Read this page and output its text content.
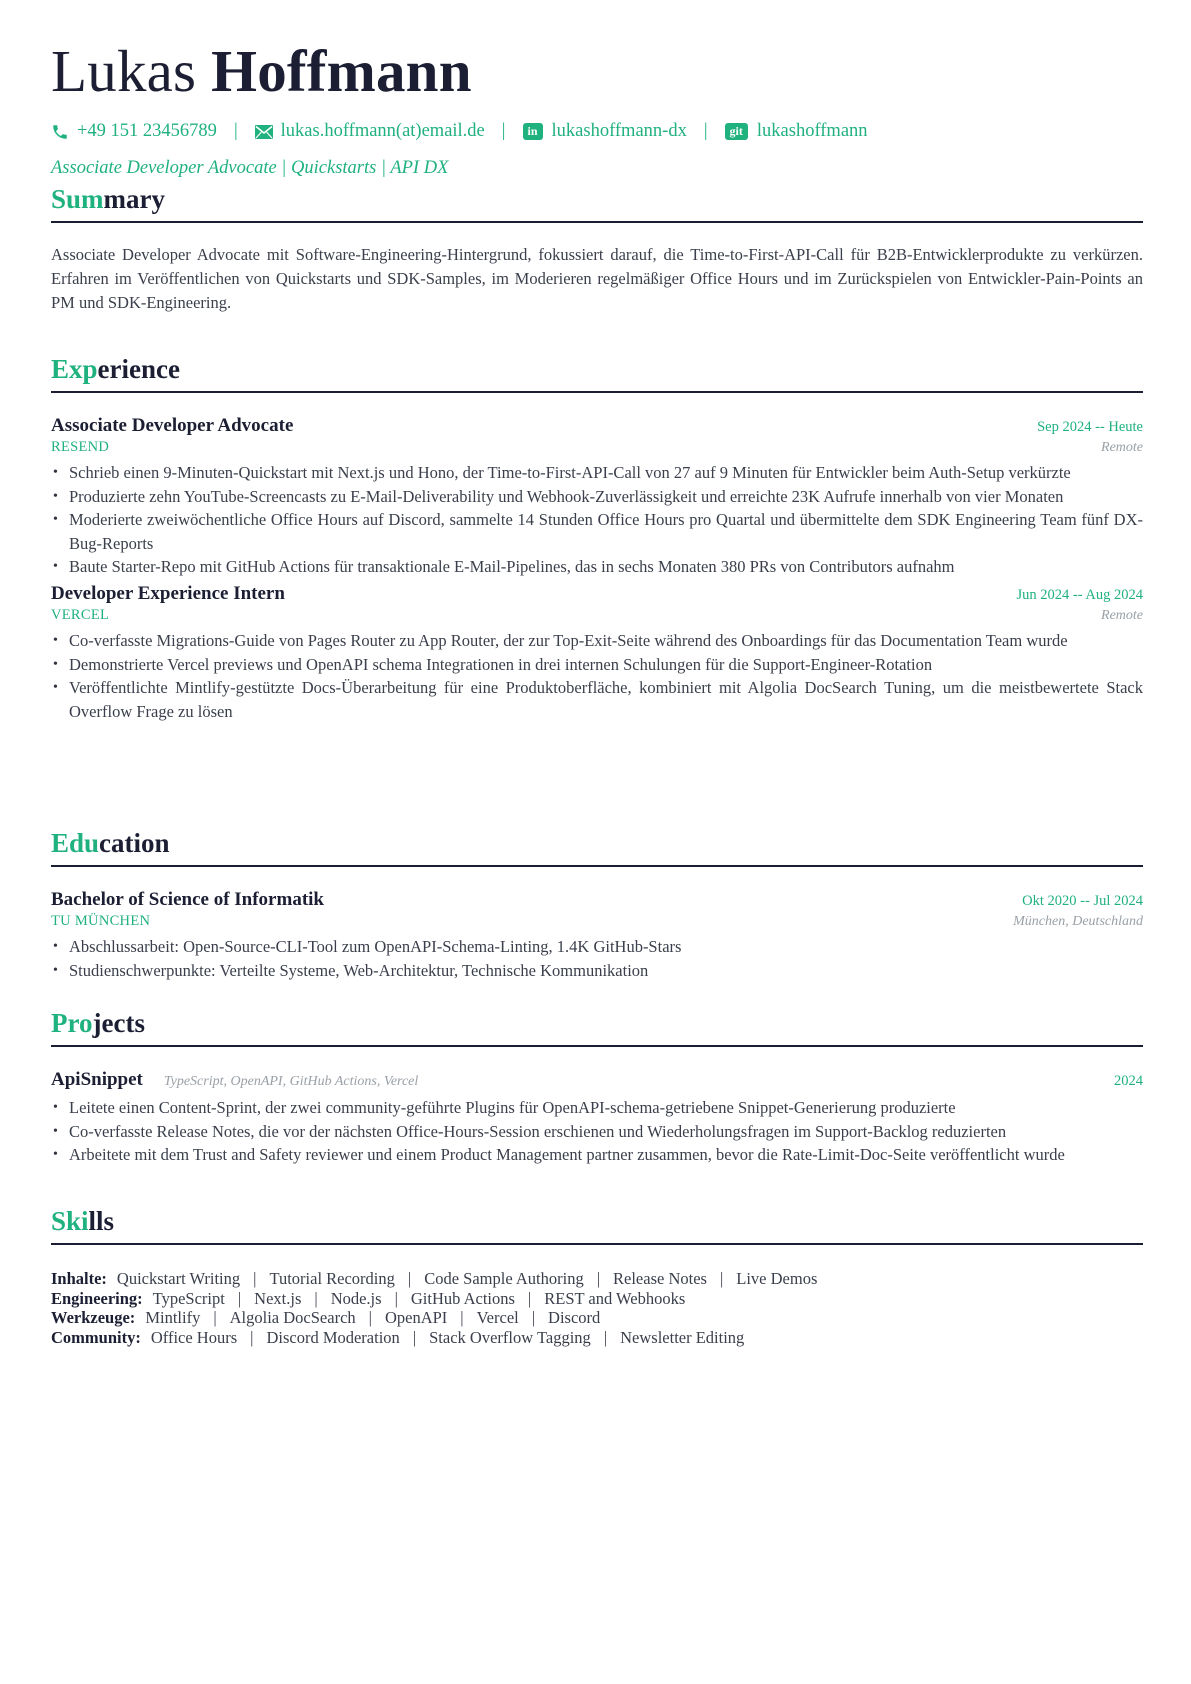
Lukas Hoffmann
+49 151 23456789 | lukas.hoffmann(at)email.de |	in lukashoffmann-dx |	git lukashoffmann
Associate Developer Advocate | Quickstarts | API DX
Summary
Associate Developer Advocate mit Software-Engineering-Hintergrund, fokussiert darauf, die Time-to-First-API-Call für B2B-Entwicklerprodukte zu verkürzen. Erfahren im Veröffentlichen von Quickstarts und SDK-Samples, im Moderieren regelmäßiger Office Hours und im Zurückspielen von Entwickler-Pain-Points an PM und SDK-Engineering.
Experience
Associate Developer Advocate	Sep 2024 -- Heute
RESEND	Remote
• Schrieb einen 9-Minuten-Quickstart mit Next.js und Hono, der Time-to-First-API-Call von 27 auf 9 Minuten für Entwickler beim Auth-Setup verkürzte
• Produzierte zehn YouTube-Screencasts zu E-Mail-Deliverability und Webhook-Zuverlässigkeit und erreichte 23K Aufrufe innerhalb von vier Monaten
• Moderierte zweiwöchentliche Office Hours auf Discord, sammelte 14 Stunden Office Hours pro Quartal und übermittelte dem SDK Engineering Team fünf DX-Bug-Reports
• Baute Starter-Repo mit GitHub Actions für transaktionale E-Mail-Pipelines, das in sechs Monaten 380 PRs von Contributors aufnahm
Developer Experience Intern	Jun 2024 -- Aug 2024
VERCEL	Remote
• Co-verfasste Migrations-Guide von Pages Router zu App Router, der zur Top-Exit-Seite während des Onboardings für das Documentation Team wurde
• Demonstrierte Vercel previews und OpenAPI schema Integrationen in drei internen Schulungen für die Support-Engineer-Rotation
• Veröffentlichte Mintlify-gestützte Docs-Überarbeitung für eine Produktoberfläche, kombiniert mit Algolia DocSearch Tuning, um die meistbewertete Stack Overflow Frage zu lösen
Education
Bachelor of Science of Informatik	Okt 2020 -- Jul 2024
TU MÜNCHEN	München, Deutschland
• Abschlussarbeit: Open-Source-CLI-Tool zum OpenAPI-Schema-Linting, 1.4K GitHub-Stars
• Studienschwerpunkte: Verteilte Systeme, Web-Architektur, Technische Kommunikation
Projects
ApiSnippet TypeScript, OpenAPI, GitHub Actions, Vercel	2024
• Leitete einen Content-Sprint, der zwei community-geführte Plugins für OpenAPI-schema-getriebene Snippet-Generierung produzierte
• Co-verfasste Release Notes, die vor der nächsten Office-Hours-Session erschienen und Wiederholungsfragen im Support-Backlog reduzierten
• Arbeitete mit dem Trust and Safety reviewer und einem Product Management partner zusammen, bevor die Rate-Limit-Doc-Seite veröffentlicht wurde
Skills
Inhalte: Quickstart Writing | Tutorial Recording | Code Sample Authoring | Release Notes | Live Demos
Engineering: TypeScript | Next.js | Node.js | GitHub Actions | REST and Webhooks
Werkzeuge: Mintlify | Algolia DocSearch | OpenAPI | Vercel | Discord
Community: Office Hours | Discord Moderation | Stack Overflow Tagging | Newsletter Editing
